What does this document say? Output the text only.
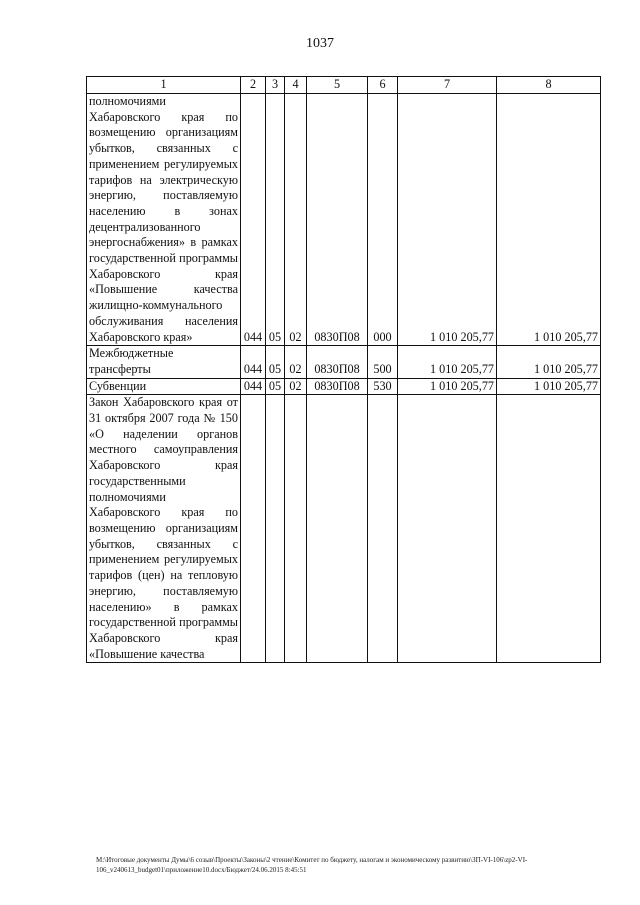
1037
1	2	3	4	5	6	7	8
полномочиями Хабаровского края по возмещению организациям убытков, связанных с применением регулируемых тарифов на электрическую энергию, поставляемую населению в зонах децентрализованного энергоснабжения» в рамках государственной программы Хабаровского края «Повышение качества жилищно-коммунального обслуживания населения Хабаровского края»	044	05	02	0830П08	000	1 010 205,77	1 010 205,77
Межбюджетные трансферты	044	05	02	0830П08	500	1 010 205,77	1 010 205,77
Субвенции	044	05	02	0830П08	530	1 010 205,77	1 010 205,77
Закон Хабаровского края от 31 октября 2007 года № 150 «О наделении органов местного самоуправления Хабаровского края государственными полномочиями Хабаровского края по возмещению организациям убытков, связанных с применением регулируемых тарифов (цен) на тепловую энергию, поставляемую населению» в рамках государственной программы Хабаровского края «Повышение качества							
M:\Итоговые документы Думы\6 созыв\Проекты\Законы\2 чтение\Комитет по бюджету, налогам и экономическому развитию\ЗП-VI-106\zp2-VI-106_v240613_budget01\приложение10.docx/Бюджет/24.06.2015 8:45:51
